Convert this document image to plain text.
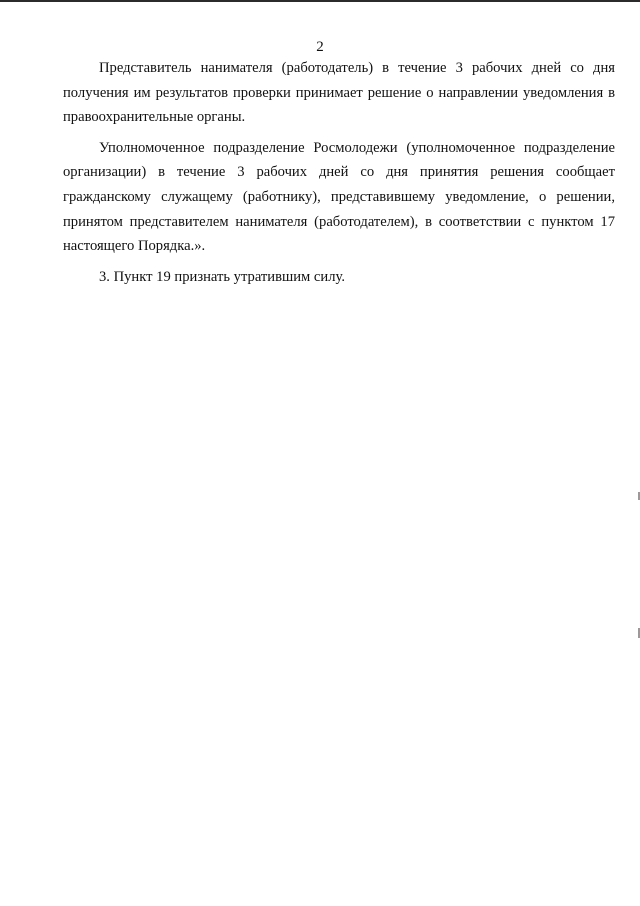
2

Представитель нанимателя (работодатель) в течение 3 рабочих дней со дня получения им результатов проверки принимает решение о направлении уведомления в правоохранительные органы.

Уполномоченное подразделение Росмолодежи (уполномоченное подразделение организации) в течение 3 рабочих дней со дня принятия решения сообщает гражданскому служащему (работнику), представившему уведомление, о решении, принятом представителем нанимателя (работодателем), в соответствии с пунктом 17 настоящего Порядка.».

3. Пункт 19 признать утратившим силу.
